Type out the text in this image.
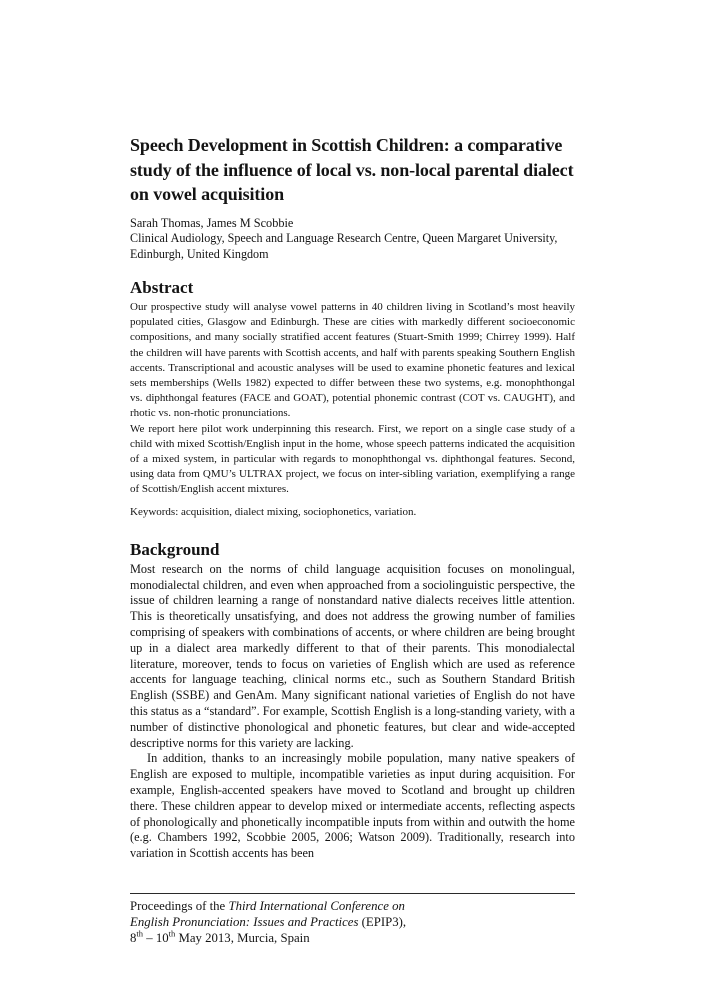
Speech Development in Scottish Children: a comparative study of the influence of local vs. non-local parental dialect on vowel acquisition

Sarah Thomas, James M Scobbie

Clinical Audiology, Speech and Language Research Centre, Queen Margaret University, Edinburgh, United Kingdom

Abstract

Our prospective study will analyse vowel patterns in 40 children living in Scotland’s most heavily populated cities, Glasgow and Edinburgh. These are cities with markedly different socioeconomic compositions, and many socially stratified accent features (Stuart-Smith 1999; Chirrey 1999). Half the children will have parents with Scottish accents, and half with parents speaking Southern English accents. Transcriptional and acoustic analyses will be used to examine phonetic features and lexical sets memberships (Wells 1982) expected to differ between these two systems, e.g. monophthongal vs. diphthongal features (FACE and GOAT), potential phonemic contrast (COT vs. CAUGHT), and rhotic vs. non-rhotic pronunciations.

We report here pilot work underpinning this research. First, we report on a single case study of a child with mixed Scottish/English input in the home, whose speech patterns indicated the acquisition of a mixed system, in particular with regards to monophthongal vs. diphthongal features. Second, using data from QMU’s ULTRAX project, we focus on inter-sibling variation, exemplifying a range of Scottish/English accent mixtures.

Keywords: acquisition, dialect mixing, sociophonetics, variation.

Background

Most research on the norms of child language acquisition focuses on monolingual, monodialectal children, and even when approached from a sociolinguistic perspective, the issue of children learning a range of nonstandard native dialects receives little attention. This is theoretically unsatisfying, and does not address the growing number of families comprising of speakers with combinations of accents, or where children are being brought up in a dialect area markedly different to that of their parents. This monodialectal literature, moreover, tends to focus on varieties of English which are used as reference accents for language teaching, clinical norms etc., such as Southern Standard British English (SSBE) and GenAm. Many significant national varieties of English do not have this status as a “standard”. For example, Scottish English is a long-standing variety, with a number of distinctive phonological and phonetic features, but clear and wide-accepted descriptive norms for this variety are lacking.

In addition, thanks to an increasingly mobile population, many native speakers of English are exposed to multiple, incompatible varieties as input during acquisition. For example, English-accented speakers have moved to Scotland and brought up children there. These children appear to develop mixed or intermediate accents, reflecting aspects of phonologically and phonetically incompatible inputs from within and outwith the home (e.g. Chambers 1992, Scobbie 2005, 2006; Watson 2009). Traditionally, research into variation in Scottish accents has been

Proceedings of the Third International Conference on
English Pronunciation: Issues and Practices (EPIP3),
8th – 10th May 2013, Murcia, Spain
